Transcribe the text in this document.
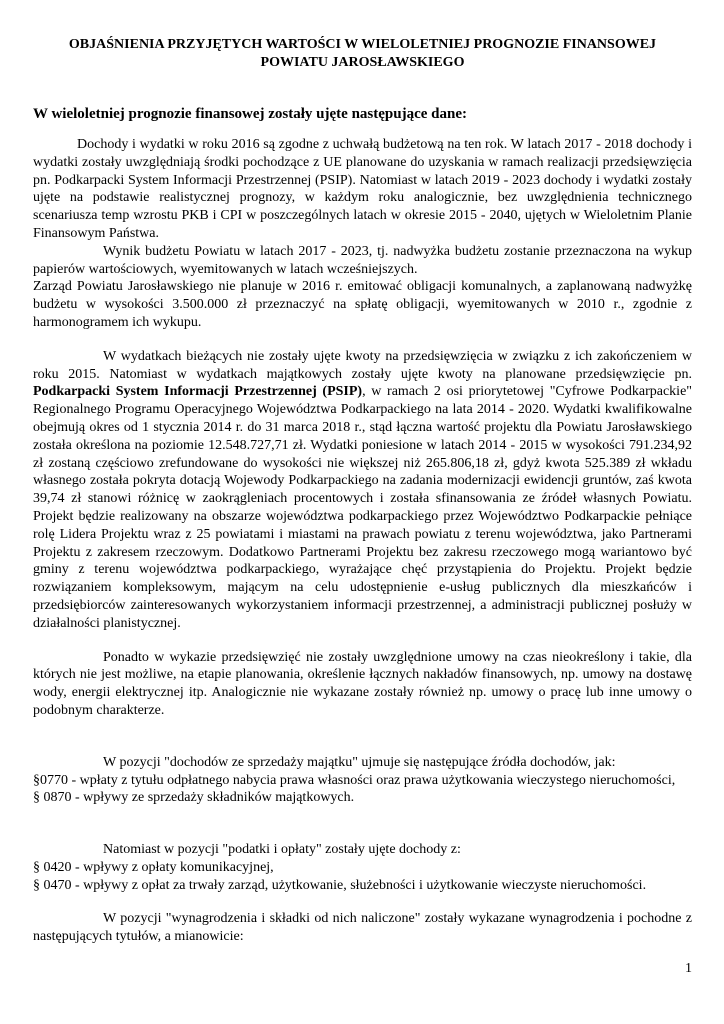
OBJAŚNIENIA PRZYJĘTYCH WARTOŚCI W WIELOLETNIEJ PROGNOZIE FINANSOWEJ
POWIATU JAROSŁAWSKIEGO
W wieloletniej prognozie finansowej zostały ujęte następujące dane:

Dochody i wydatki w roku 2016 są zgodne z uchwałą budżetową na ten rok. W latach 2017 - 2018 dochody i wydatki zostały uwzględniają środki pochodzące z UE planowane do uzyskania w ramach realizacji przedsięwzięcia pn. Podkarpacki System Informacji Przestrzennej (PSIP). Natomiast w latach 2019 - 2023 dochody i wydatki zostały ujęte na podstawie realistycznej prognozy, w każdym roku analogicznie, bez uwzględnienia technicznego scenariusza temp wzrostu PKB i CPI w poszczególnych latach w okresie 2015 - 2040, ujętych w Wieloletnim Planie Finansowym Państwa.

Wynik budżetu Powiatu w latach 2017 - 2023, tj. nadwyżka budżetu zostanie przeznaczona na wykup papierów wartościowych, wyemitowanych w latach wcześniejszych.

Zarząd Powiatu Jarosławskiego nie planuje w 2016 r. emitować obligacji komunalnych, a zaplanowaną nadwyżkę budżetu w wysokości 3.500.000 zł przeznaczyć na spłatę obligacji, wyemitowanych w 2010 r., zgodnie z harmonogramem ich wykupu.

W wydatkach bieżących nie zostały ujęte kwoty na przedsięwzięcia w związku z ich zakończeniem w roku 2015. Natomiast w wydatkach majątkowych zostały ujęte kwoty na planowane przedsięwzięcie pn. Podkarpacki System Informacji Przestrzennej (PSIP), w ramach 2 osi priorytetowej "Cyfrowe Podkarpackie" Regionalnego Programu Operacyjnego Województwa Podkarpackiego na lata 2014 - 2020. Wydatki kwalifikowalne obejmują okres od 1 stycznia 2014 r. do 31 marca 2018 r., stąd łączna wartość projektu dla Powiatu Jarosławskiego została określona na poziomie 12.548.727,71 zł. Wydatki poniesione w latach 2014 - 2015 w wysokości 791.234,92 zł zostaną częściowo zrefundowane do wysokości nie większej niż 265.806,18 zł, gdyż kwota 525.389 zł wkładu własnego została pokryta dotacją Wojewody Podkarpackiego na zadania modernizacji ewidencji gruntów, zaś kwota 39,74 zł stanowi różnicę w zaokrągleniach procentowych i została sfinansowania ze źródeł własnych Powiatu. Projekt będzie realizowany na obszarze województwa podkarpackiego przez Województwo Podkarpackie pełniące rolę Lidera Projektu wraz z 25 powiatami i miastami na prawach powiatu z terenu województwa, jako Partnerami Projektu z zakresem rzeczowym. Dodatkowo Partnerami Projektu bez zakresu rzeczowego mogą wariantowo być gminy z terenu województwa podkarpackiego, wyrażające chęć przystąpienia do Projektu. Projekt będzie rozwiązaniem kompleksowym, mającym na celu udostępnienie e-usług publicznych dla mieszkańców i przedsiębiorców zainteresowanych wykorzystaniem informacji przestrzennej, a administracji publicznej posłuży w działalności planistycznej.

Ponadto w wykazie przedsięwzięć nie zostały uwzględnione umowy na czas nieokreślony i takie, dla których nie jest możliwe, na etapie planowania, określenie łącznych nakładów finansowych, np. umowy na dostawę wody, energii elektrycznej itp. Analogicznie nie wykazane zostały również np. umowy o pracę lub inne umowy o podobnym charakterze.

W pozycji "dochodów ze sprzedaży majątku" ujmuje się następujące źródła dochodów, jak:

§0770 - wpłaty z tytułu odpłatnego nabycia prawa własności oraz prawa użytkowania wieczystego nieruchomości,

§ 0870 - wpływy ze sprzedaży składników majątkowych.

Natomiast w pozycji "podatki i opłaty" zostały ujęte dochody z:

§ 0420 - wpływy z opłaty komunikacyjnej,

§ 0470 - wpływy z opłat za trwały zarząd, użytkowanie, służebności i użytkowanie wieczyste nieruchomości.

W pozycji "wynagrodzenia i składki od nich naliczone" zostały wykazane wynagrodzenia i pochodne z następujących tytułów, a mianowicie:

1
